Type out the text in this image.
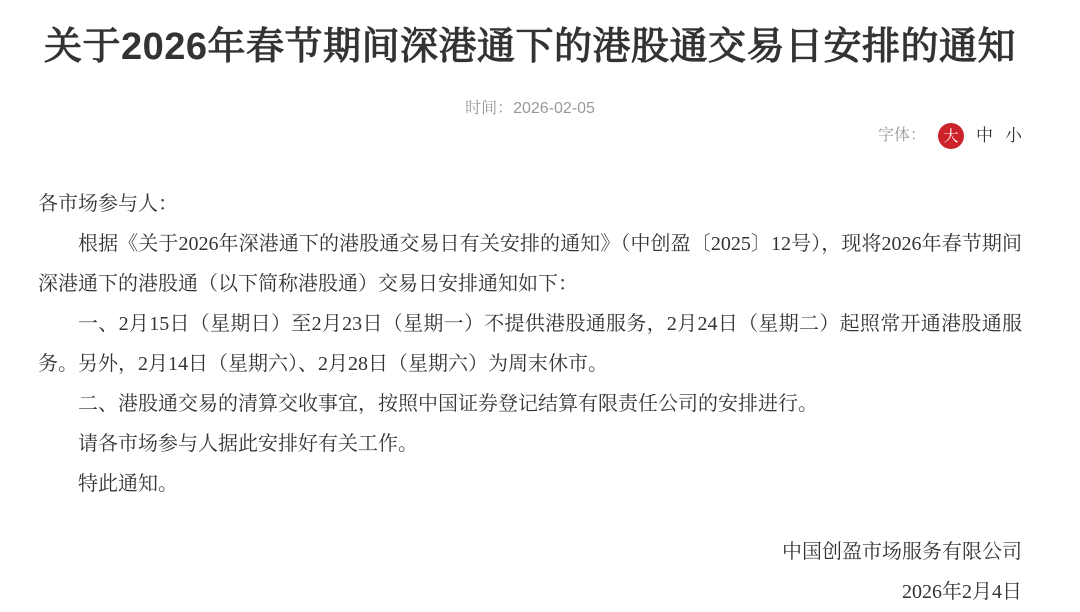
关于2026年春节期间深港通下的港股通交易日安排的通知
时间：2026-02-05
字体： 大 中 小

各市场参与人：

根据《关于2026年深港通下的港股通交易日有关安排的通知》（中创盈〔2025〕12号），现将2026年春节期间深港通下的港股通（以下简称港股通）交易日安排通知如下：

一、2月15日（星期日）至2月23日（星期一）不提供港股通服务，2月24日（星期二）起照常开通港股通服务。另外，2月14日（星期六）、2月28日（星期六）为周末休市。

二、港股通交易的清算交收事宜，按照中国证券登记结算有限责任公司的安排进行。

请各市场参与人据此安排好有关工作。

特此通知。

中国创盈市场服务有限公司

2026年2月4日
